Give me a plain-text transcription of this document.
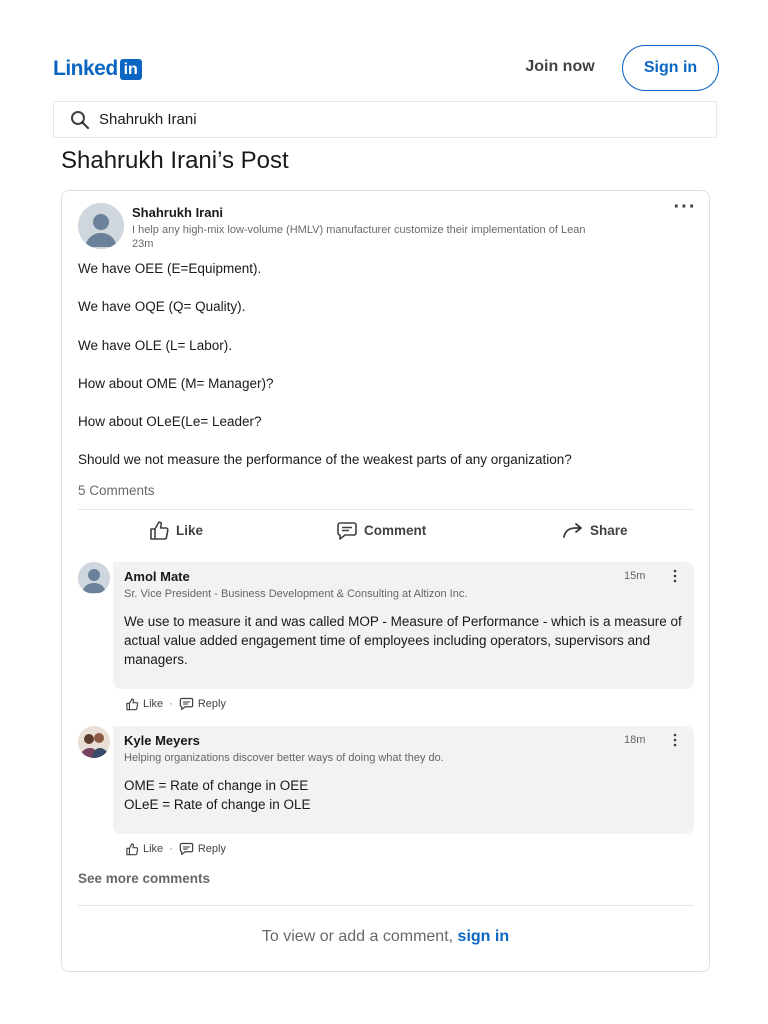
Linked in	Join now	Sign in
Shahrukh Irani
Shahrukh Irani’s Post
Shahrukh Irani
I help any high-mix low-volume (HMLV) manufacturer customize their implementation of Lean
23m
···
We have OEE (E=Equipment).
We have OQE (Q= Quality).
We have OLE (L= Labor).
How about OME (M= Manager)?
How about OLeE(Le= Leader?
Should we not measure the performance of the weakest parts of any organization?
5 Comments
Like	Comment	Share
Amol Mate
Sr. Vice President - Business Development & Consulting at Altizon Inc.
15m
We use to measure it and was called MOP - Measure of Performance - which is a measure of actual value added engagement time of employees including operators, supervisors and managers.
Like · Reply
Kyle Meyers
Helping organizations discover better ways of doing what they do.
18m
OME = Rate of change in OEE
OLeE = Rate of change in OLE
Like · Reply
See more comments
To view or add a comment, sign in
